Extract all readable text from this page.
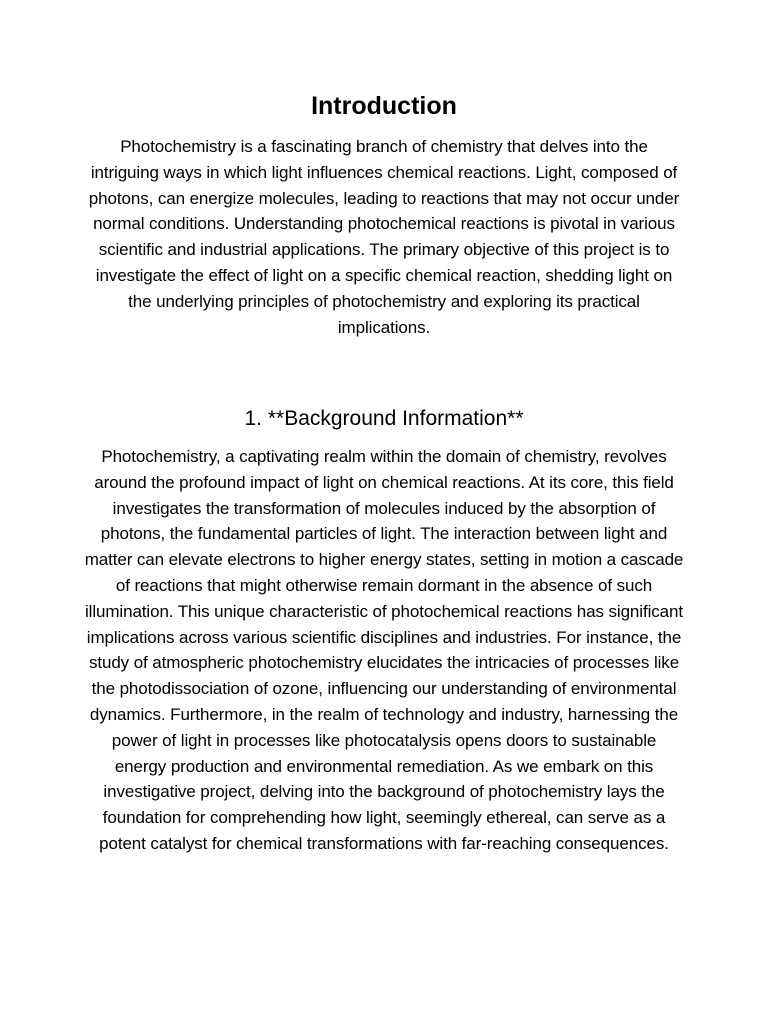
Introduction

Photochemistry is a fascinating branch of chemistry that delves into the intriguing ways in which light influences chemical reactions. Light, composed of photons, can energize molecules, leading to reactions that may not occur under normal conditions. Understanding photochemical reactions is pivotal in various scientific and industrial applications. The primary objective of this project is to investigate the effect of light on a specific chemical reaction, shedding light on the underlying principles of photochemistry and exploring its practical implications.

1. **Background Information**

Photochemistry, a captivating realm within the domain of chemistry, revolves around the profound impact of light on chemical reactions. At its core, this field investigates the transformation of molecules induced by the absorption of photons, the fundamental particles of light. The interaction between light and matter can elevate electrons to higher energy states, setting in motion a cascade of reactions that might otherwise remain dormant in the absence of such illumination. This unique characteristic of photochemical reactions has significant implications across various scientific disciplines and industries. For instance, the study of atmospheric photochemistry elucidates the intricacies of processes like the photodissociation of ozone, influencing our understanding of environmental dynamics. Furthermore, in the realm of technology and industry, harnessing the power of light in processes like photocatalysis opens doors to sustainable energy production and environmental remediation. As we embark on this investigative project, delving into the background of photochemistry lays the foundation for comprehending how light, seemingly ethereal, can serve as a potent catalyst for chemical transformations with far-reaching consequences.
